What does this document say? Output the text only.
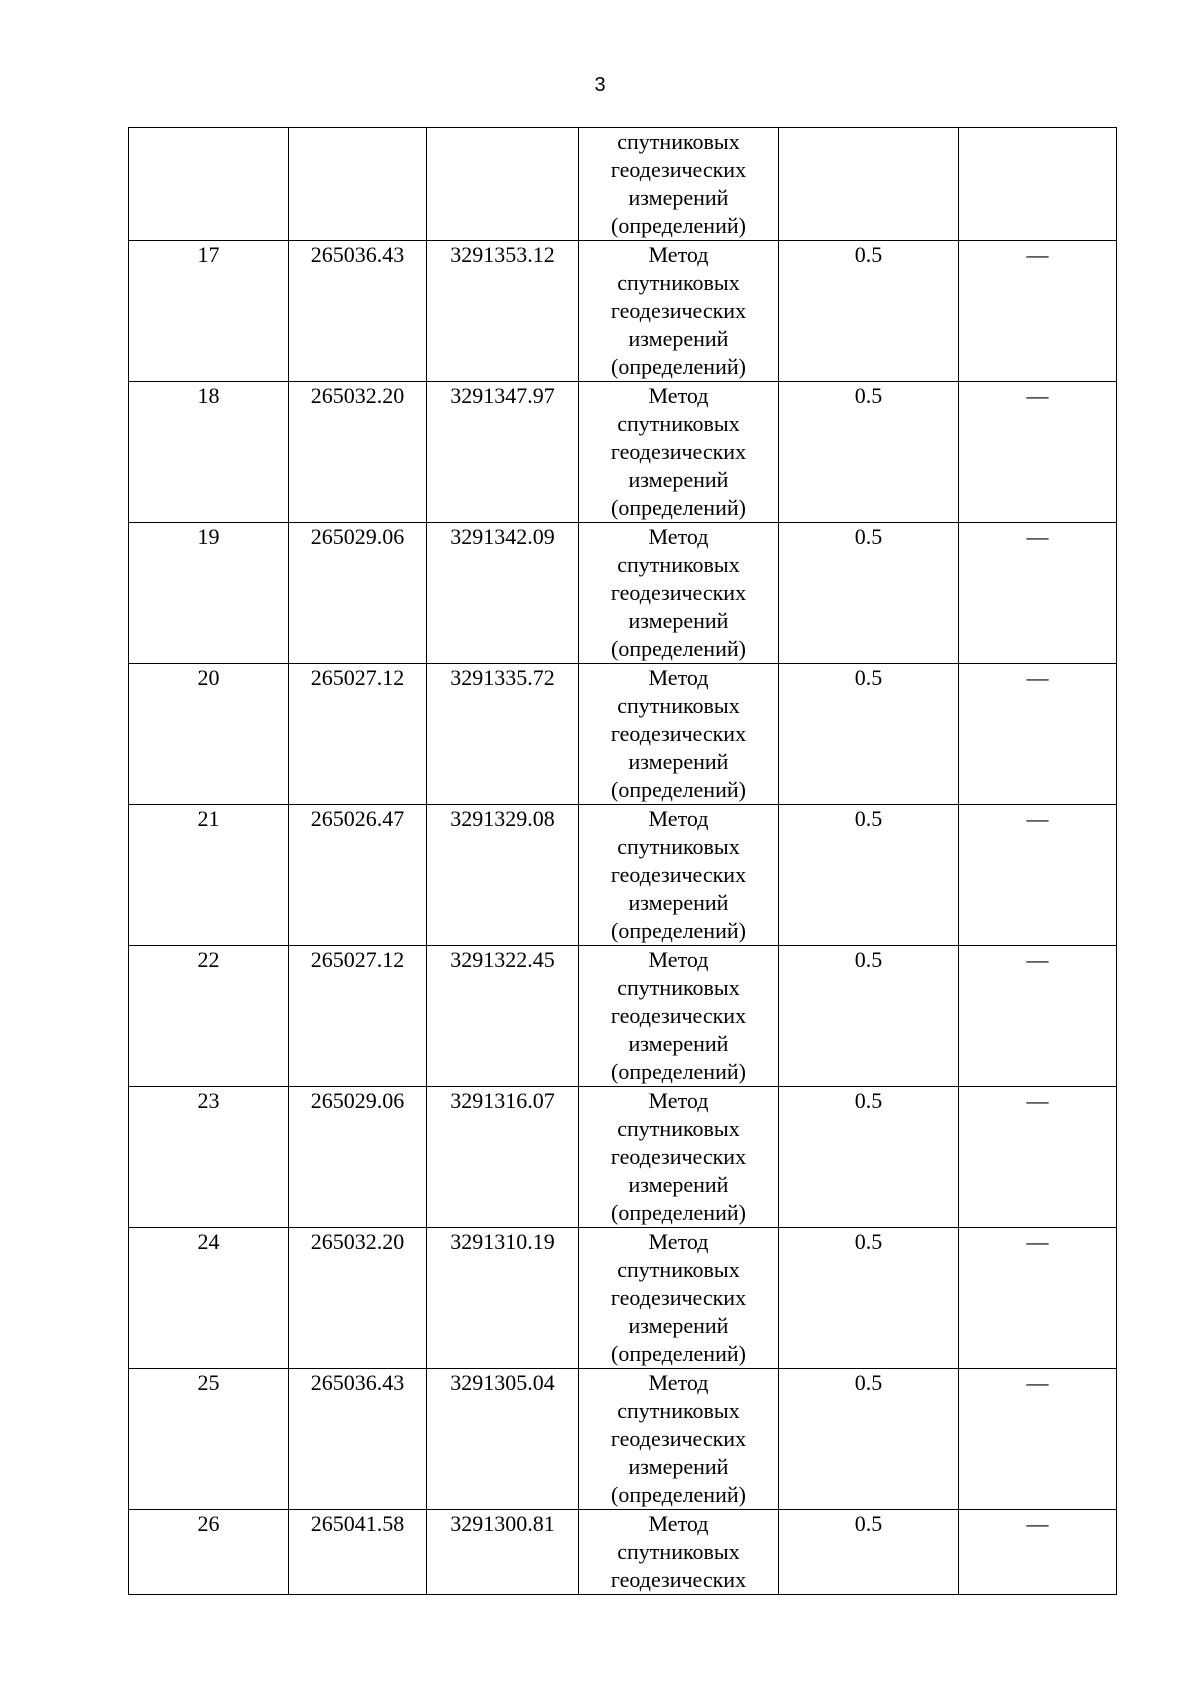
3

			спутниковых
геодезических
измерений
(определений)		

17	265036.43	3291353.12	Метод
спутниковых
геодезических
измерений
(определений)	0.5	—
18	265032.20	3291347.97	Метод
спутниковых
геодезических
измерений
(определений)	0.5	—
19	265029.06	3291342.09	Метод
спутниковых
геодезических
измерений
(определений)	0.5	—
20	265027.12	3291335.72	Метод
спутниковых
геодезических
измерений
(определений)	0.5	—
21	265026.47	3291329.08	Метод
спутниковых
геодезических
измерений
(определений)	0.5	—
22	265027.12	3291322.45	Метод
спутниковых
геодезических
измерений
(определений)	0.5	—
23	265029.06	3291316.07	Метод
спутниковых
геодезических
измерений
(определений)	0.5	—
24	265032.20	3291310.19	Метод
спутниковых
геодезических
измерений
(определений)	0.5	—
25	265036.43	3291305.04	Метод
спутниковых
геодезических
измерений
(определений)	0.5	—
26	265041.58	3291300.81	Метод
спутниковых
геодезических	0.5	—
